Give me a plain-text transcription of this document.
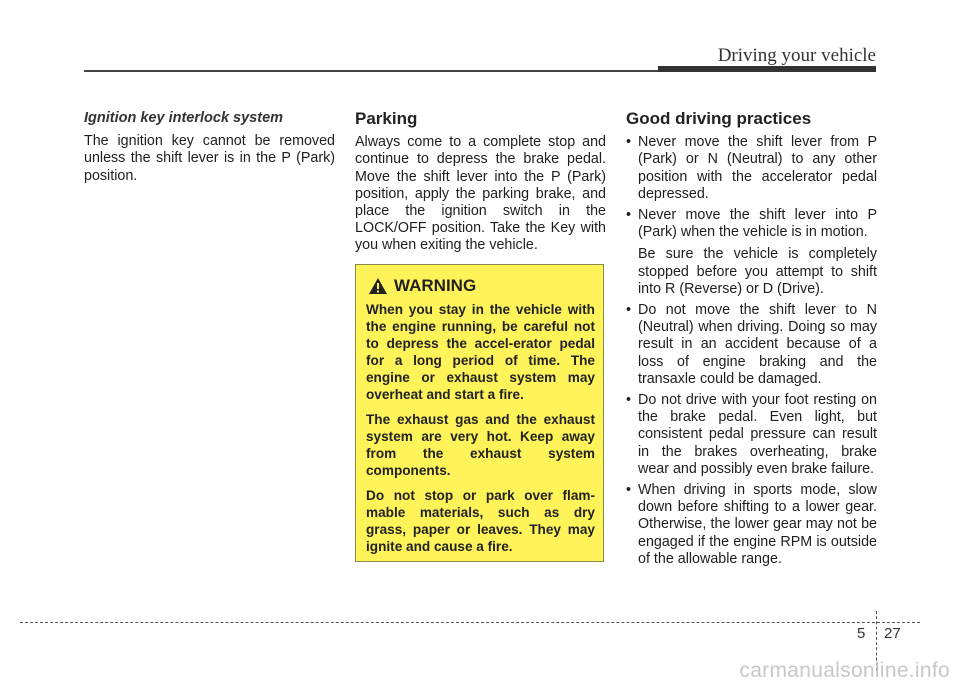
Driving your vehicle
Ignition key interlock system

The ignition key cannot be removed unless the shift lever is in the P (Park) position.

Parking

Always come to a complete stop and continue to depress the brake pedal. Move the shift lever into the P (Park) position, apply the parking brake, and place the ignition switch in the LOCK/OFF position. Take the Key with you when exiting the vehicle.

WARNING

When you stay in the vehicle with the engine running, be careful not to depress the accel-erator pedal for a long period of time. The engine or exhaust system may overheat and start a fire.

The exhaust gas and the exhaust system are very hot. Keep away from the exhaust system components.

Do not stop or park over flam-mable materials, such as dry grass, paper or leaves. They may ignite and cause a fire.

Good driving practices
• Never move the shift lever from P (Park) or N (Neutral) to any other position with the accelerator pedal depressed.
• Never move the shift lever into P (Park) when the vehicle is in motion.

Be sure the vehicle is completely stopped before you attempt to shift into R (Reverse) or D (Drive).

• Do not move the shift lever to N (Neutral) when driving. Doing so may result in an accident because of a loss of engine braking and the transaxle could be damaged.
• Do not drive with your foot resting on the brake pedal. Even light, but consistent pedal pressure can result in the brakes overheating, brake wear and possibly even brake failure.
• When driving in sports mode, slow down before shifting to a lower gear. Otherwise, the lower gear may not be engaged if the engine RPM is outside of the allowable range.
5 27
carmanualsonline.info
